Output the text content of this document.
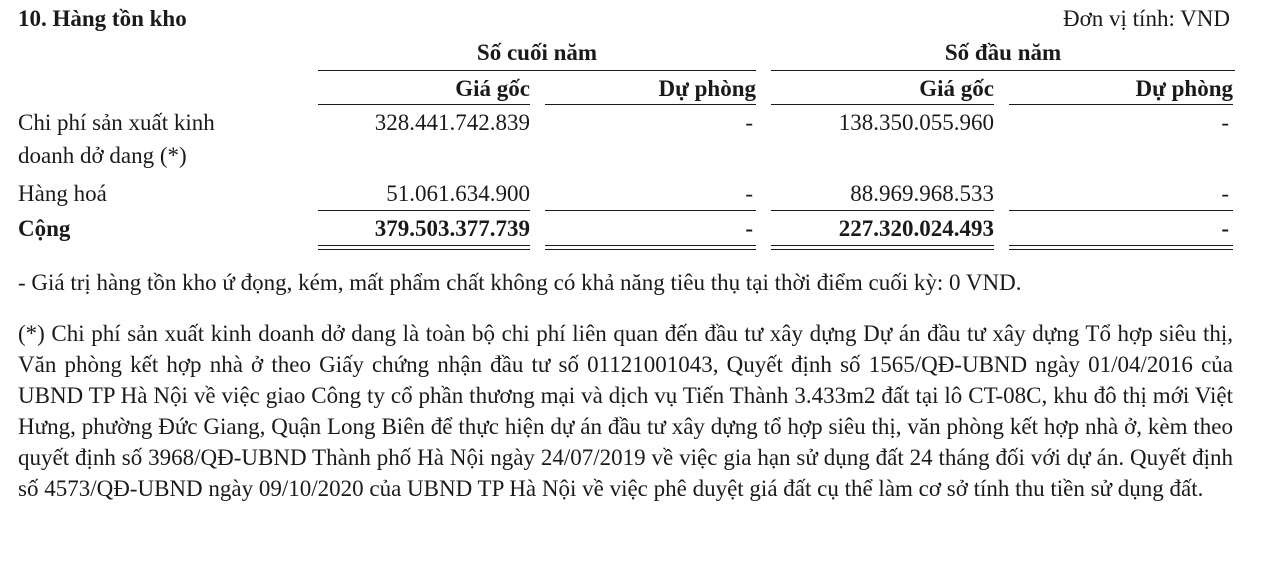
10. Hàng tồn kho	Đơn vị tính: VND
Số cuối năm	Số đầu năm
Giá gốc	Dự phòng	Giá gốc	Dự phòng
Chi phí sản xuất kinh
doanh dở dang (*)
328.441.742.839	-	138.350.055.960	-
Hàng hoá	51.061.634.900	-	88.969.968.533	-
Cộng	379.503.377.739	-	227.320.024.493	-
- Giá trị hàng tồn kho ứ đọng, kém, mất phẩm chất không có khả năng tiêu thụ tại thời điểm cuối kỳ: 0 VND.
(*) Chi phí sản xuất kinh doanh dở dang là toàn bộ chi phí liên quan đến đầu tư xây dựng Dự án đầu tư xây dựng Tổ hợp siêu thị, Văn phòng kết hợp nhà ở theo Giấy chứng nhận đầu tư số 01121001043, Quyết định số 1565/QĐ-UBND ngày 01/04/2016 của UBND TP Hà Nội về việc giao Công ty cổ phần thương mại và dịch vụ Tiến Thành 3.433m2 đất tại lô CT-08C, khu đô thị mới Việt Hưng, phường Đức Giang, Quận Long Biên để thực hiện dự án đầu tư xây dựng tổ hợp siêu thị, văn phòng kết hợp nhà ở, kèm theo quyết định số 3968/QĐ-UBND Thành phố Hà Nội ngày 24/07/2019 về việc gia hạn sử dụng đất 24 tháng đối với dự án. Quyết định số 4573/QĐ-UBND ngày 09/10/2020 của UBND TP Hà Nội về việc phê duyệt giá đất cụ thể làm cơ sở tính thu tiền sử dụng đất.
